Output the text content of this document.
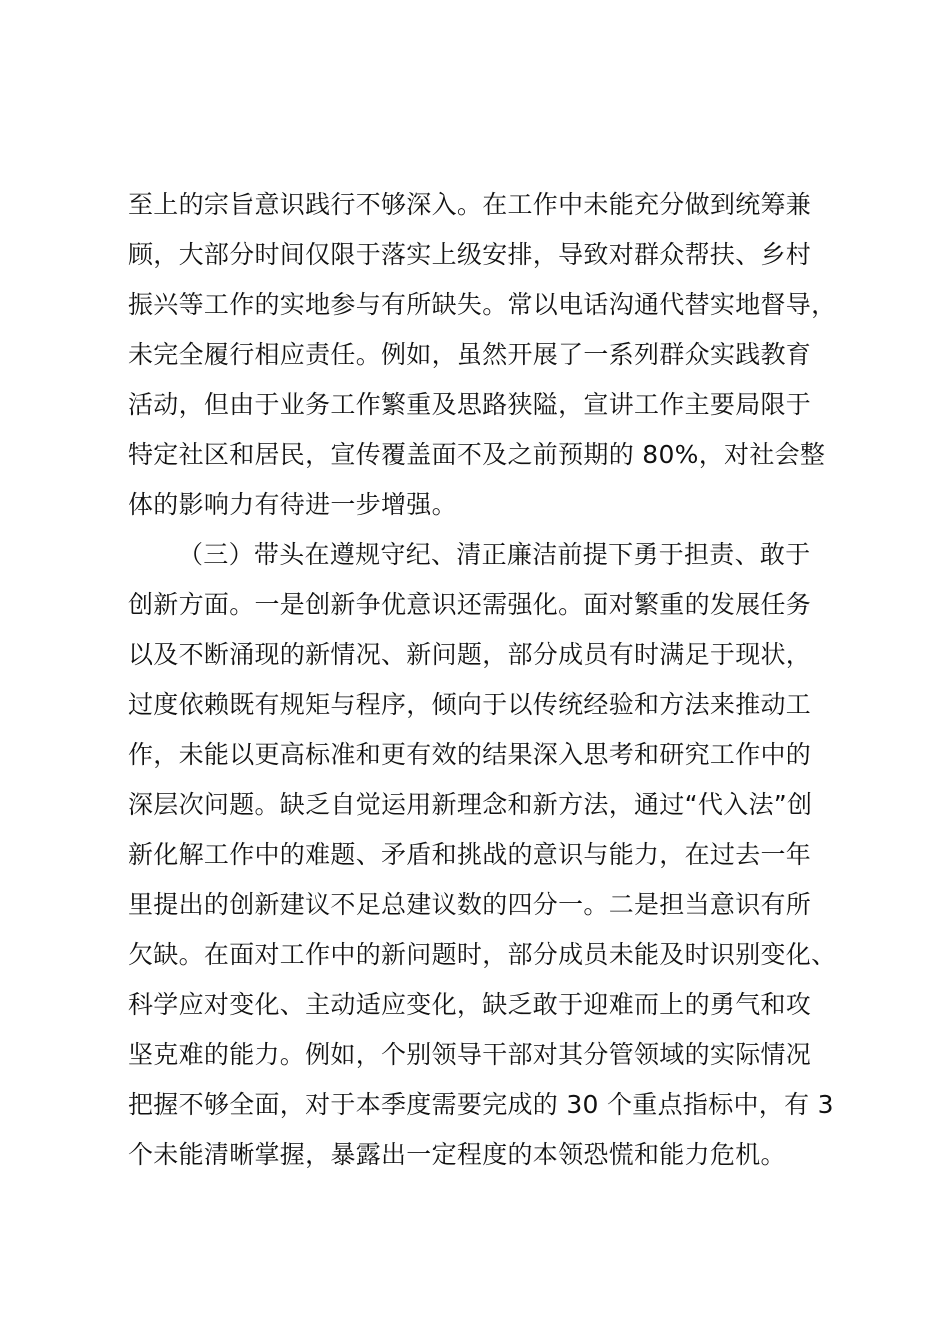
至上的宗旨意识践行不够深入。在工作中未能充分做到统筹兼
顾，大部分时间仅限于落实上级安排，导致对群众帮扶、乡村
振兴等工作的实地参与有所缺失。常以电话沟通代替实地督导，
未完全履行相应责任。例如，虽然开展了一系列群众实践教育
活动，但由于业务工作繁重及思路狭隘，宣讲工作主要局限于
特定社区和居民，宣传覆盖面不及之前预期的 80%，对社会整
体的影响力有待进一步增强。
（三）带头在遵规守纪、清正廉洁前提下勇于担责、敢于
创新方面。一是创新争优意识还需强化。面对繁重的发展任务
以及不断涌现的新情况、新问题，部分成员有时满足于现状，
过度依赖既有规矩与程序，倾向于以传统经验和方法来推动工
作，未能以更高标准和更有效的结果深入思考和研究工作中的
深层次问题。缺乏自觉运用新理念和新方法，通过“代入法”创
新化解工作中的难题、矛盾和挑战的意识与能力，在过去一年
里提出的创新建议不足总建议数的四分一。二是担当意识有所
欠缺。在面对工作中的新问题时，部分成员未能及时识别变化、
科学应对变化、主动适应变化，缺乏敢于迎难而上的勇气和攻
坚克难的能力。例如，个别领导干部对其分管领域的实际情况
把握不够全面，对于本季度需要完成的 30 个重点指标中，有 3
个未能清晰掌握，暴露出一定程度的本领恐慌和能力危机。
